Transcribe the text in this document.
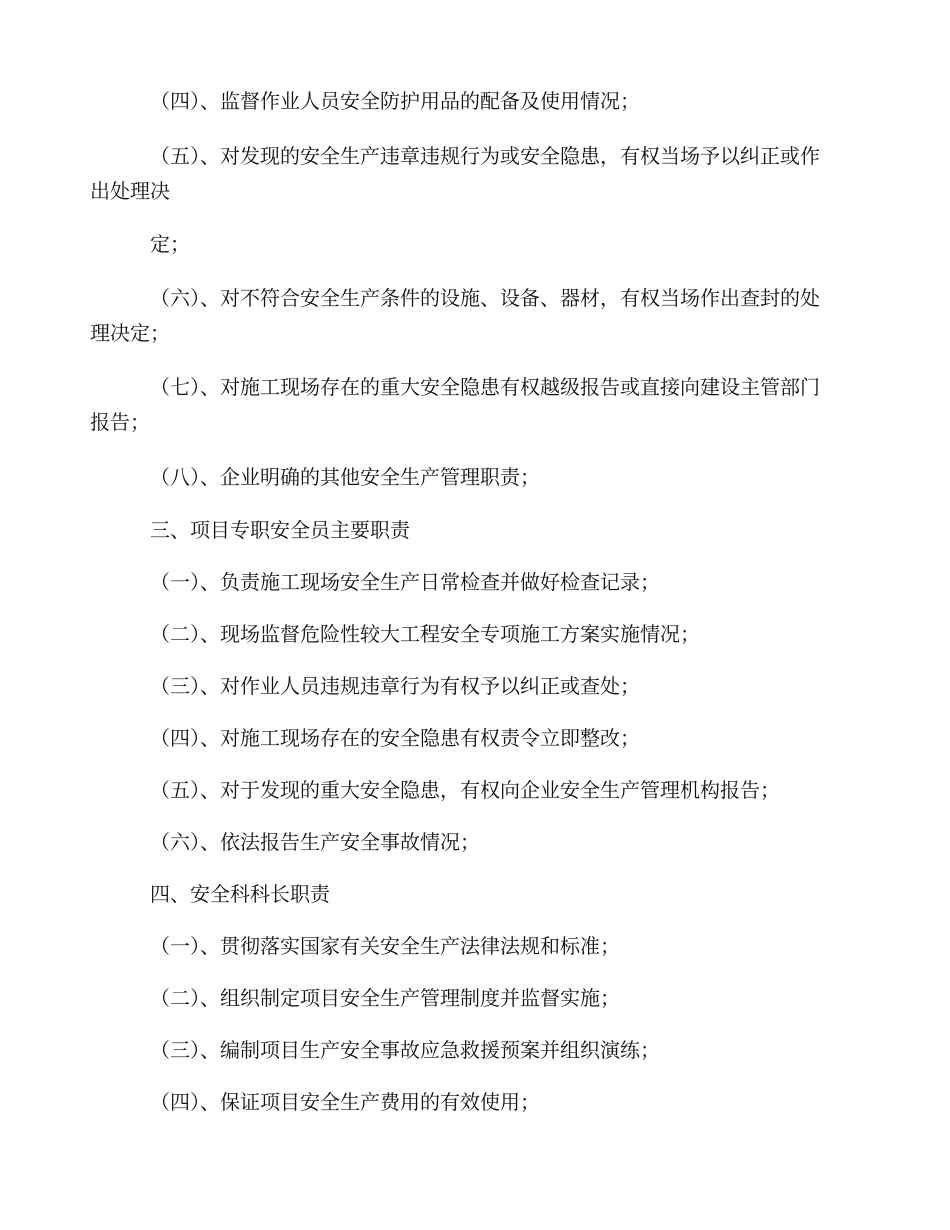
（四）、监督作业人员安全防护用品的配备及使用情况；

（五）、对发现的安全生产违章违规行为或安全隐患，有权当场予以纠正或作
出处理决

定；

（六）、对不符合安全生产条件的设施、设备、器材，有权当场作出查封的处
理决定；

（七）、对施工现场存在的重大安全隐患有权越级报告或直接向建设主管部门
报告；

（八）、企业明确的其他安全生产管理职责；

三、项目专职安全员主要职责

（一）、负责施工现场安全生产日常检查并做好检查记录；

（二）、现场监督危险性较大工程安全专项施工方案实施情况；

（三）、对作业人员违规违章行为有权予以纠正或查处；

（四）、对施工现场存在的安全隐患有权责令立即整改；

（五）、对于发现的重大安全隐患，有权向企业安全生产管理机构报告；

（六）、依法报告生产安全事故情况；

四、安全科科长职责

（一）、贯彻落实国家有关安全生产法律法规和标准；

（二）、组织制定项目安全生产管理制度并监督实施；

（三）、编制项目生产安全事故应急救援预案并组织演练；

（四）、保证项目安全生产费用的有效使用；
